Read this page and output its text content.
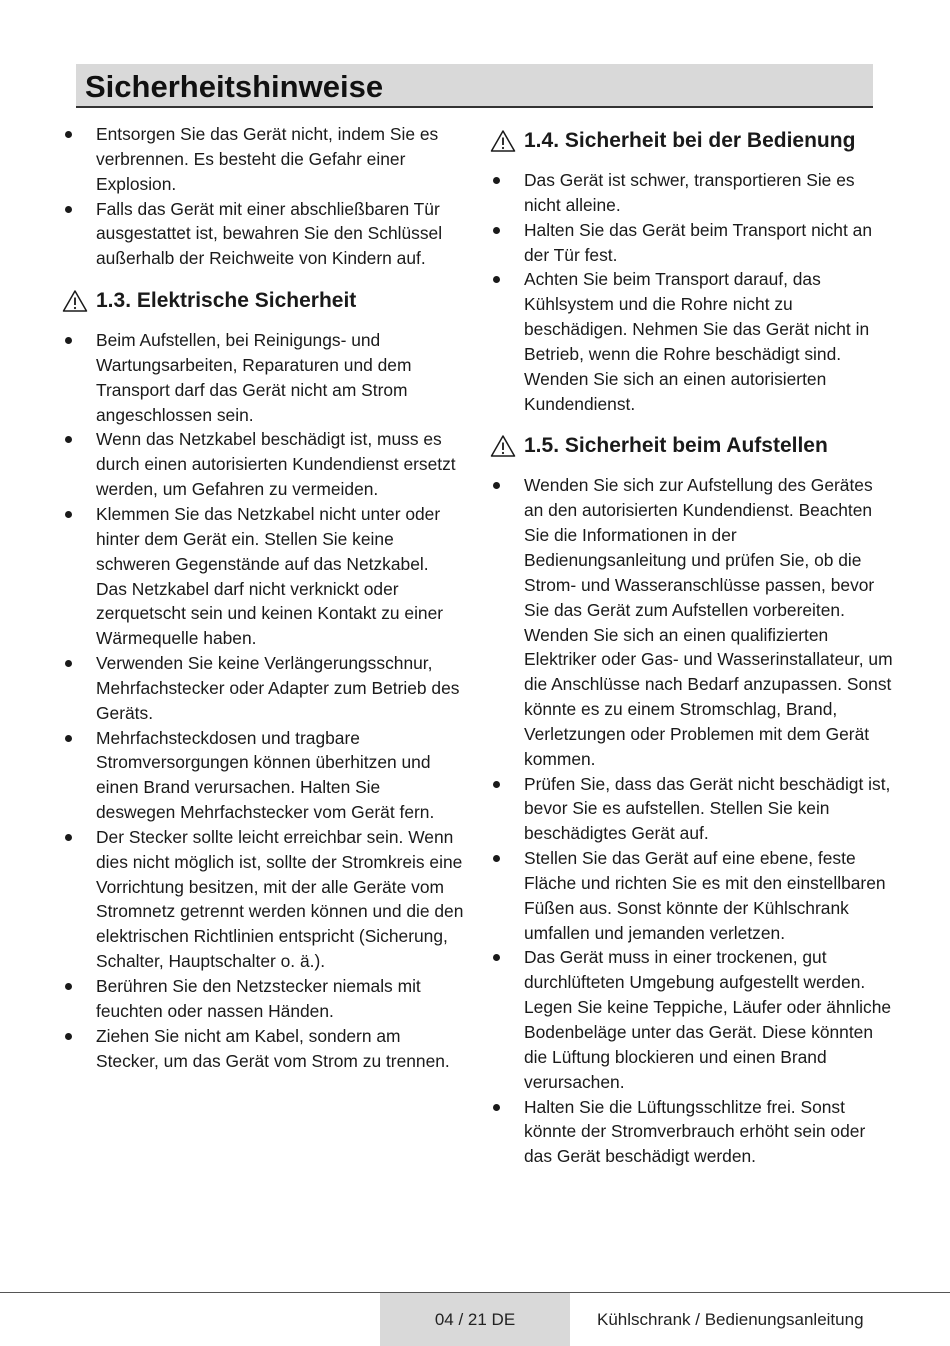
Sicherheitshinweise
Entsorgen Sie das Gerät nicht, indem Sie es verbrennen. Es besteht die Gefahr einer Explosion.
Falls das Gerät mit einer abschließbaren Tür ausgestattet ist, bewahren Sie den Schlüssel außerhalb der Reichweite von Kindern auf.
1.3. Elektrische Sicherheit
Beim Aufstellen, bei Reinigungs- und Wartungsarbeiten, Reparaturen und dem Transport darf das Gerät nicht am Strom angeschlossen sein.
Wenn das Netzkabel beschädigt ist, muss es durch einen autorisierten Kundendienst ersetzt werden, um Gefahren zu vermeiden.
Klemmen Sie das Netzkabel nicht unter oder hinter dem Gerät ein. Stellen Sie keine schweren Gegenstände auf das Netzkabel. Das Netzkabel darf nicht verknickt oder zerquetscht sein und keinen Kontakt zu einer Wärmequelle haben.
Verwenden Sie keine Verlängerungsschnur, Mehrfachstecker oder Adapter zum Betrieb des Geräts.
Mehrfachsteckdosen und tragbare Stromversorgungen können überhitzen und einen Brand verursachen. Halten Sie deswegen Mehrfachstecker vom Gerät fern.
Der Stecker sollte leicht erreichbar sein. Wenn dies nicht möglich ist, sollte der Stromkreis eine Vorrichtung besitzen, mit der alle Geräte vom Stromnetz getrennt werden können und die den elektrischen Richtlinien entspricht (Sicherung, Schalter, Hauptschalter o. ä.).
Berühren Sie den Netzstecker niemals mit feuchten oder nassen Händen.
Ziehen Sie nicht am Kabel, sondern am Stecker, um das Gerät vom Strom zu trennen.
1.4. Sicherheit bei der Bedienung
Das Gerät ist schwer, transportieren Sie es nicht alleine.
Halten Sie das Gerät beim Transport nicht an der Tür fest.
Achten Sie beim Transport darauf, das Kühlsystem und die Rohre nicht zu beschädigen. Nehmen Sie das Gerät nicht in Betrieb, wenn die Rohre beschädigt sind. Wenden Sie sich an einen autorisierten Kundendienst.
1.5. Sicherheit beim Aufstellen
Wenden Sie sich zur Aufstellung des Gerätes an den autorisierten Kundendienst. Beachten Sie die Informationen in der Bedienungsanleitung und prüfen Sie, ob die Strom- und Wasseranschlüsse passen, bevor Sie das Gerät zum Aufstellen vorbereiten. Wenden Sie sich an einen qualifizierten Elektriker oder Gas- und Wasserinstallateur, um die Anschlüsse nach Bedarf anzupassen. Sonst könnte es zu einem Stromschlag, Brand, Verletzungen oder Problemen mit dem Gerät kommen.
Prüfen Sie, dass das Gerät nicht beschädigt ist, bevor Sie es aufstellen. Stellen Sie kein beschädigtes Gerät auf.
Stellen Sie das Gerät auf eine ebene, feste Fläche und richten Sie es mit den einstellbaren Füßen aus. Sonst könnte der Kühlschrank umfallen und jemanden verletzen.
Das Gerät muss in einer trockenen, gut durchlüfteten Umgebung aufgestellt werden. Legen Sie keine Teppiche, Läufer oder ähnliche Bodenbeläge unter das Gerät. Diese könnten die Lüftung blockieren und einen Brand verursachen.
Halten Sie die Lüftungsschlitze frei. Sonst könnte der Stromverbrauch erhöht sein oder das Gerät beschädigt werden.
04 / 21 DE	Kühlschrank / Bedienungsanleitung
